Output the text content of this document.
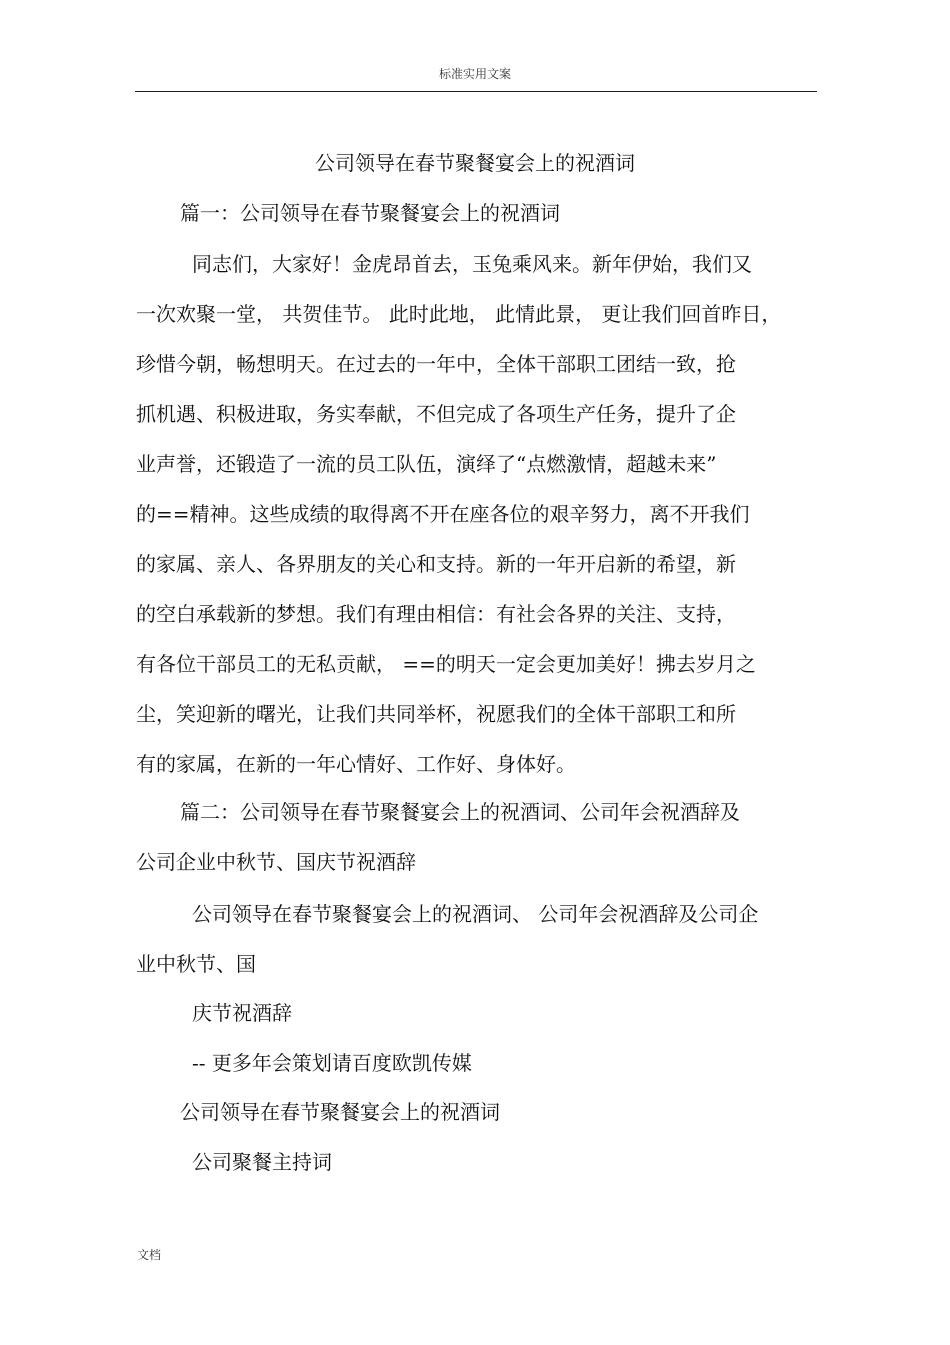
标准实用文案
公司领导在春节聚餐宴会上的祝酒词
篇一：公司领导在春节聚餐宴会上的祝酒词
同志们，大家好！金虎昂首去，玉兔乘风来。新年伊始，我们又
一次欢聚一堂， 共贺佳节。 此时此地， 此情此景， 更让我们回首昨日，
珍惜今朝，畅想明天。在过去的一年中，全体干部职工团结一致，抢
抓机遇、积极进取，务实奉献，不但完成了各项生产任务，提升了企
业声誉，还锻造了一流的员工队伍，演绎了“点燃激情，超越未来”
的==精神。这些成绩的取得离不开在座各位的艰辛努力，离不开我们
的家属、亲人、各界朋友的关心和支持。新的一年开启新的希望，新
的空白承载新的梦想。我们有理由相信：有社会各界的关注、支持，
有各位干部员工的无私贡献， ==的明天一定会更加美好！拂去岁月之
尘，笑迎新的曙光，让我们共同举杯，祝愿我们的全体干部职工和所
有的家属，在新的一年心情好、工作好、身体好。
篇二：公司领导在春节聚餐宴会上的祝酒词、公司年会祝酒辞及
公司企业中秋节、国庆节祝酒辞
公司领导在春节聚餐宴会上的祝酒词、 公司年会祝酒辞及公司企
业中秋节、国
庆节祝酒辞
-- 更多年会策划请百度欧凯传媒
公司领导在春节聚餐宴会上的祝酒词
公司聚餐主持词
文档
